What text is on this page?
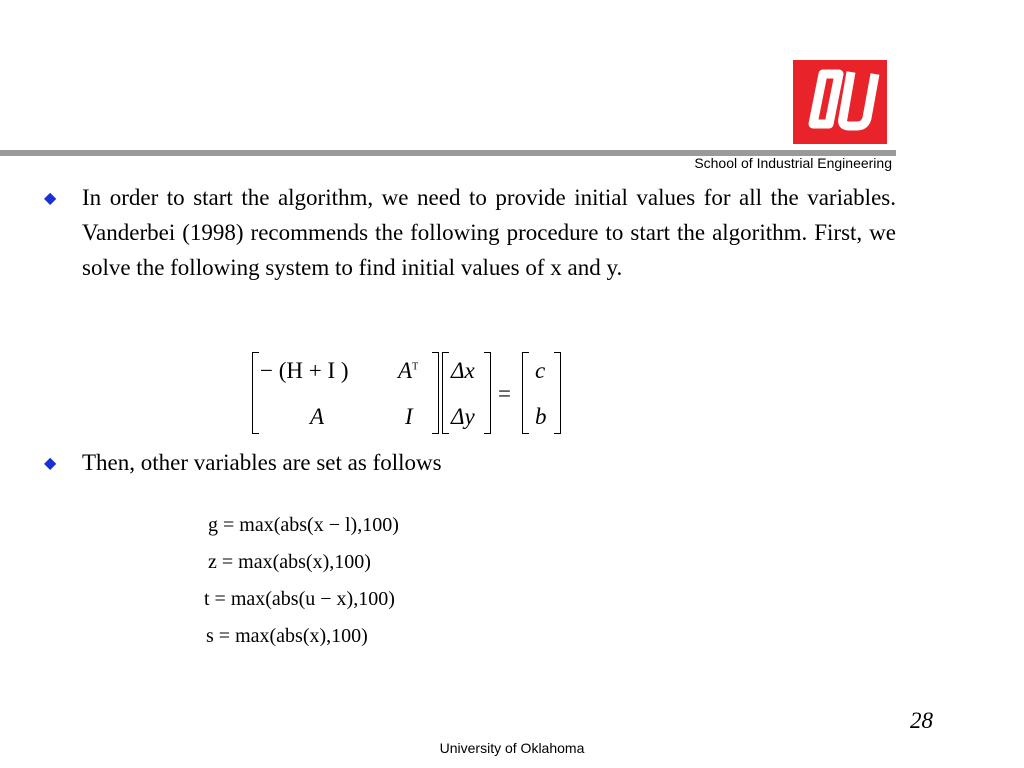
School of Industrial Engineering
◆ In order to start the algorithm, we need to provide initial values for all the variables. Vanderbei (1998) recommends the following procedure to start the algorithm. First, we solve the following system to find initial values of x and y.
− (H + I ) $A^T$
A	I
Δx
Δy
=
c
b
◆ Then, other variables are set as follows
g = max(abs(x − l),100)
z = max(abs(x),100)
t = max(abs(u − x),100)
s = max(abs(x),100)
28
University of Oklahoma
